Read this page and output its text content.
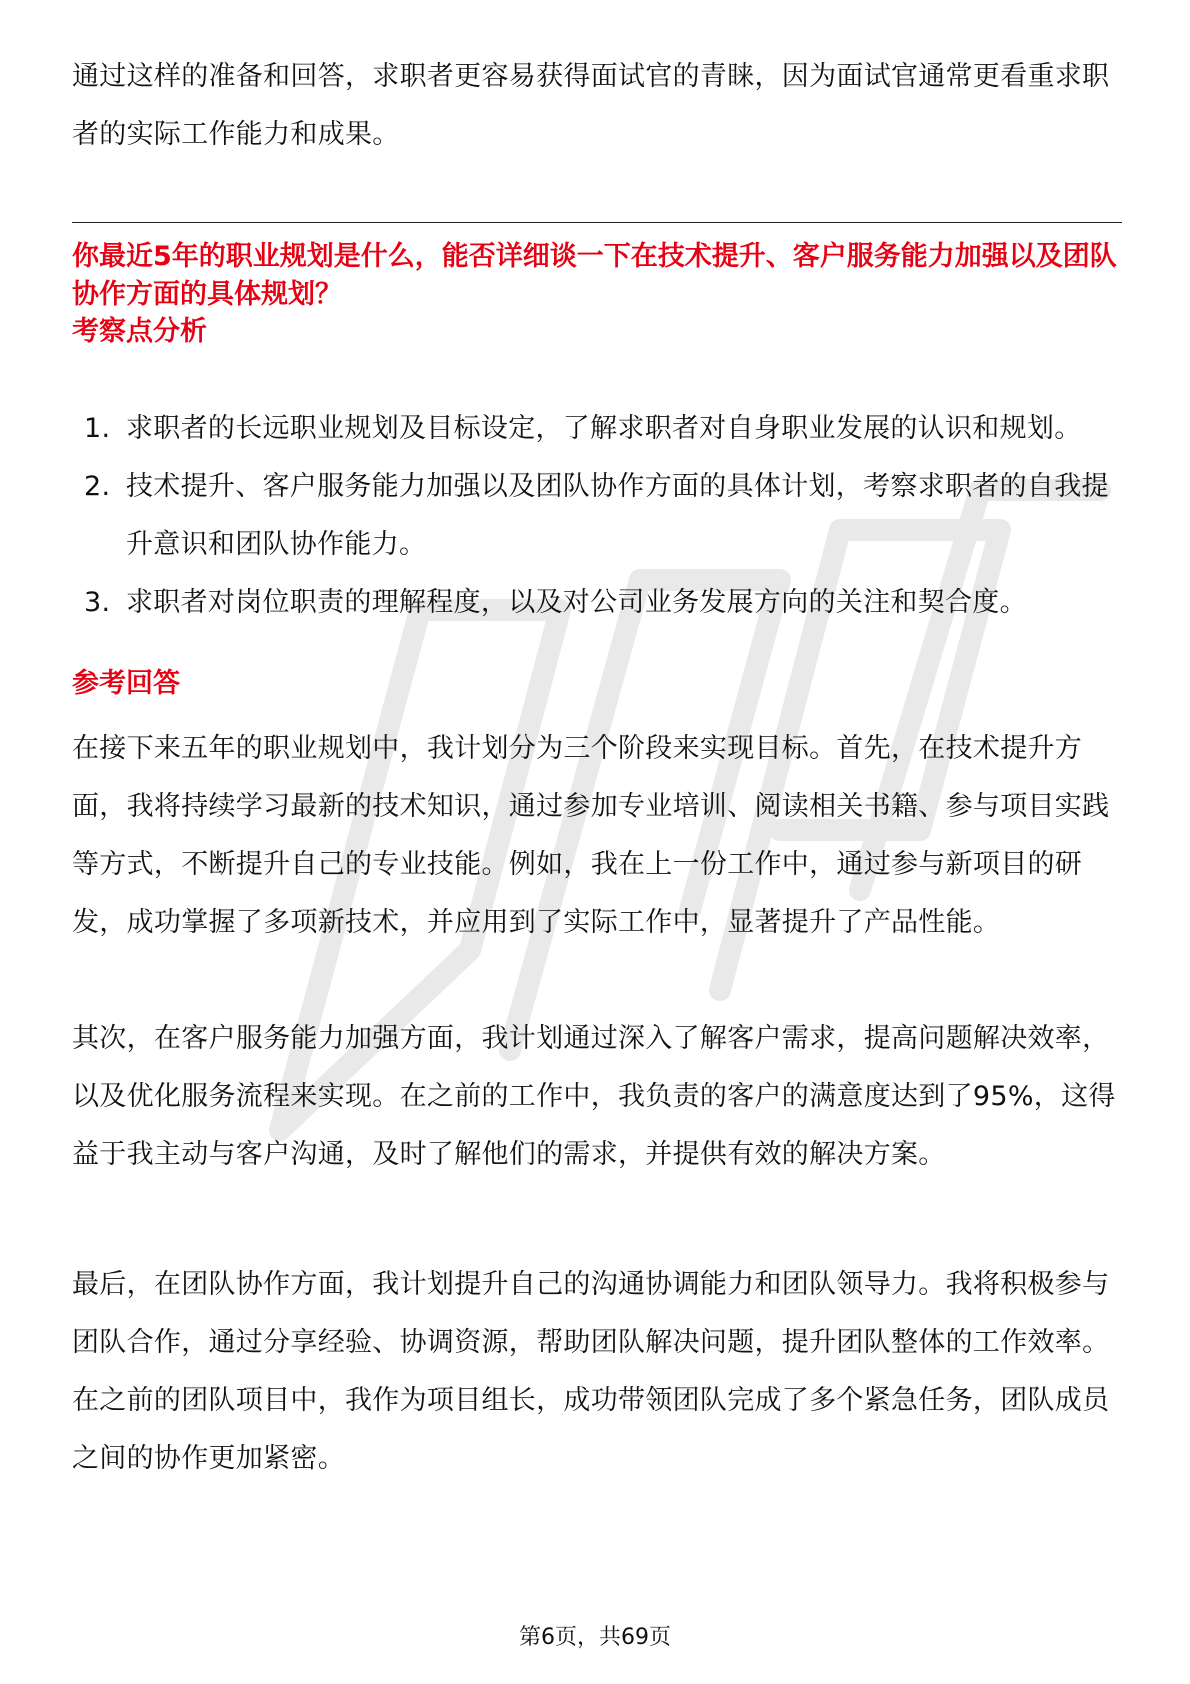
通过这样的准备和回答，求职者更容易获得面试官的青睐，因为面试官通常更看重求职者的实际工作能力和成果。

你最近5年的职业规划是什么，能否详细谈一下在技术提升、客户服务能力加强以及团队协作方面的具体规划？

考察点分析
1. 求职者的长远职业规划及目标设定，了解求职者对自身职业发展的认识和规划。
2. 技术提升、客户服务能力加强以及团队协作方面的具体计划，考察求职者的自我提升意识和团队协作能力。
3. 求职者对岗位职责的理解程度，以及对公司业务发展方向的关注和契合度。
参考回答

在接下来五年的职业规划中，我计划分为三个阶段来实现目标。首先，在技术提升方面，我将持续学习最新的技术知识，通过参加专业培训、阅读相关书籍、参与项目实践等方式，不断提升自己的专业技能。例如，我在上一份工作中，通过参与新项目的研发，成功掌握了多项新技术，并应用到了实际工作中，显著提升了产品性能。

其次，在客户服务能力加强方面，我计划通过深入了解客户需求，提高问题解决效率，以及优化服务流程来实现。在之前的工作中，我负责的客户的满意度达到了95%，这得益于我主动与客户沟通，及时了解他们的需求，并提供有效的解决方案。

最后，在团队协作方面，我计划提升自己的沟通协调能力和团队领导力。我将积极参与团队合作，通过分享经验、协调资源，帮助团队解决问题，提升团队整体的工作效率。在之前的团队项目中，我作为项目组长，成功带领团队完成了多个紧急任务，团队成员之间的协作更加紧密。

第6页，共69页
